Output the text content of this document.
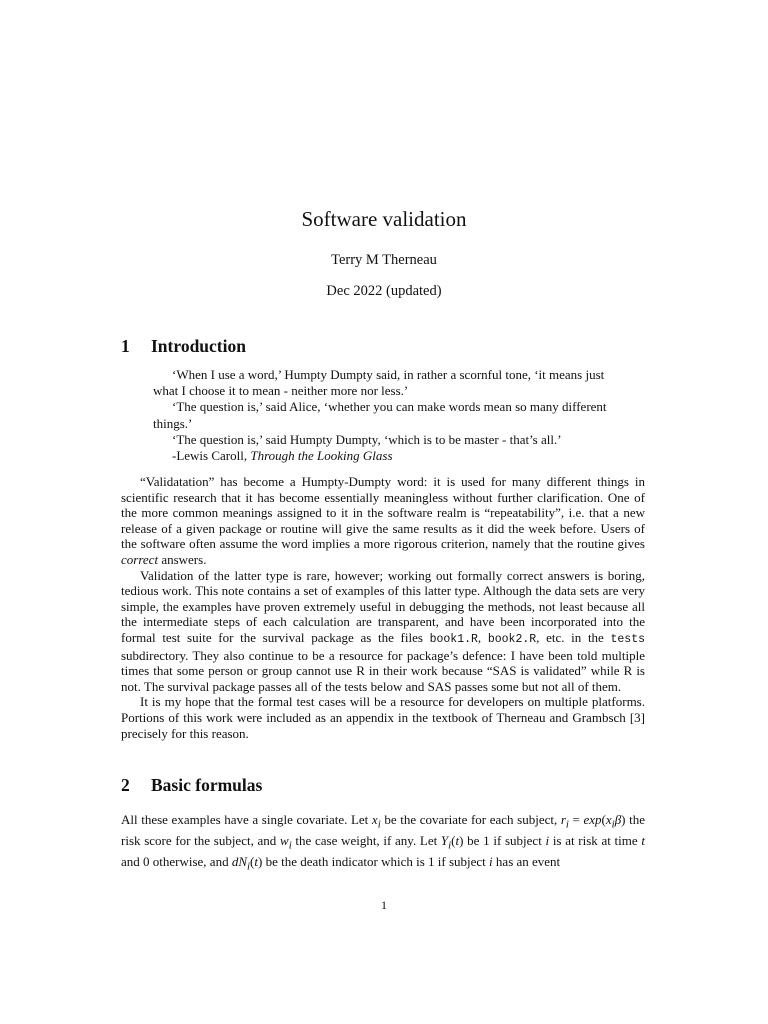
Software validation
Terry M Therneau
Dec 2022 (updated)
1 Introduction

‘When I use a word,’ Humpty Dumpty said, in rather a scornful tone, ‘it means just what I choose it to mean - neither more nor less.’

‘The question is,’ said Alice, ‘whether you can make words mean so many different things.’

‘The question is,’ said Humpty Dumpty, ‘which is to be master - that’s all.’

-Lewis Caroll, Through the Looking Glass

“Validatation” has become a Humpty-Dumpty word: it is used for many different things in scientific research that it has become essentially meaningless without further clarification. One of the more common meanings assigned to it in the software realm is “repeatability”, i.e. that a new release of a given package or routine will give the same results as it did the week before. Users of the software often assume the word implies a more rigorous criterion, namely that the routine gives correct answers.

Validation of the latter type is rare, however; working out formally correct answers is boring, tedious work. This note contains a set of examples of this latter type. Although the data sets are very simple, the examples have proven extremely useful in debugging the methods, not least because all the intermediate steps of each calculation are transparent, and have been incorporated into the formal test suite for the survival package as the files book1.R, book2.R, etc. in the tests subdirectory. They also continue to be a resource for package’s defence: I have been told multiple times that some person or group cannot use R in their work because “SAS is validated” while R is not. The survival package passes all of the tests below and SAS passes some but not all of them.

It is my hope that the formal test cases will be a resource for developers on multiple platforms. Portions of this work were included as an appendix in the textbook of Therneau and Grambsch [3] precisely for this reason.

2 Basic formulas

All these examples have a single covariate. Let $x_i$ be the covariate for each subject, $r_i = \exp(x_i\beta)$ the risk score for the subject, and $w_i$ the case weight, if any. Let $Y_i(t)$ be 1 if subject i is at risk at time t and 0 otherwise, and $dN_i(t)$ be the death indicator which is 1 if subject i has an event

1
